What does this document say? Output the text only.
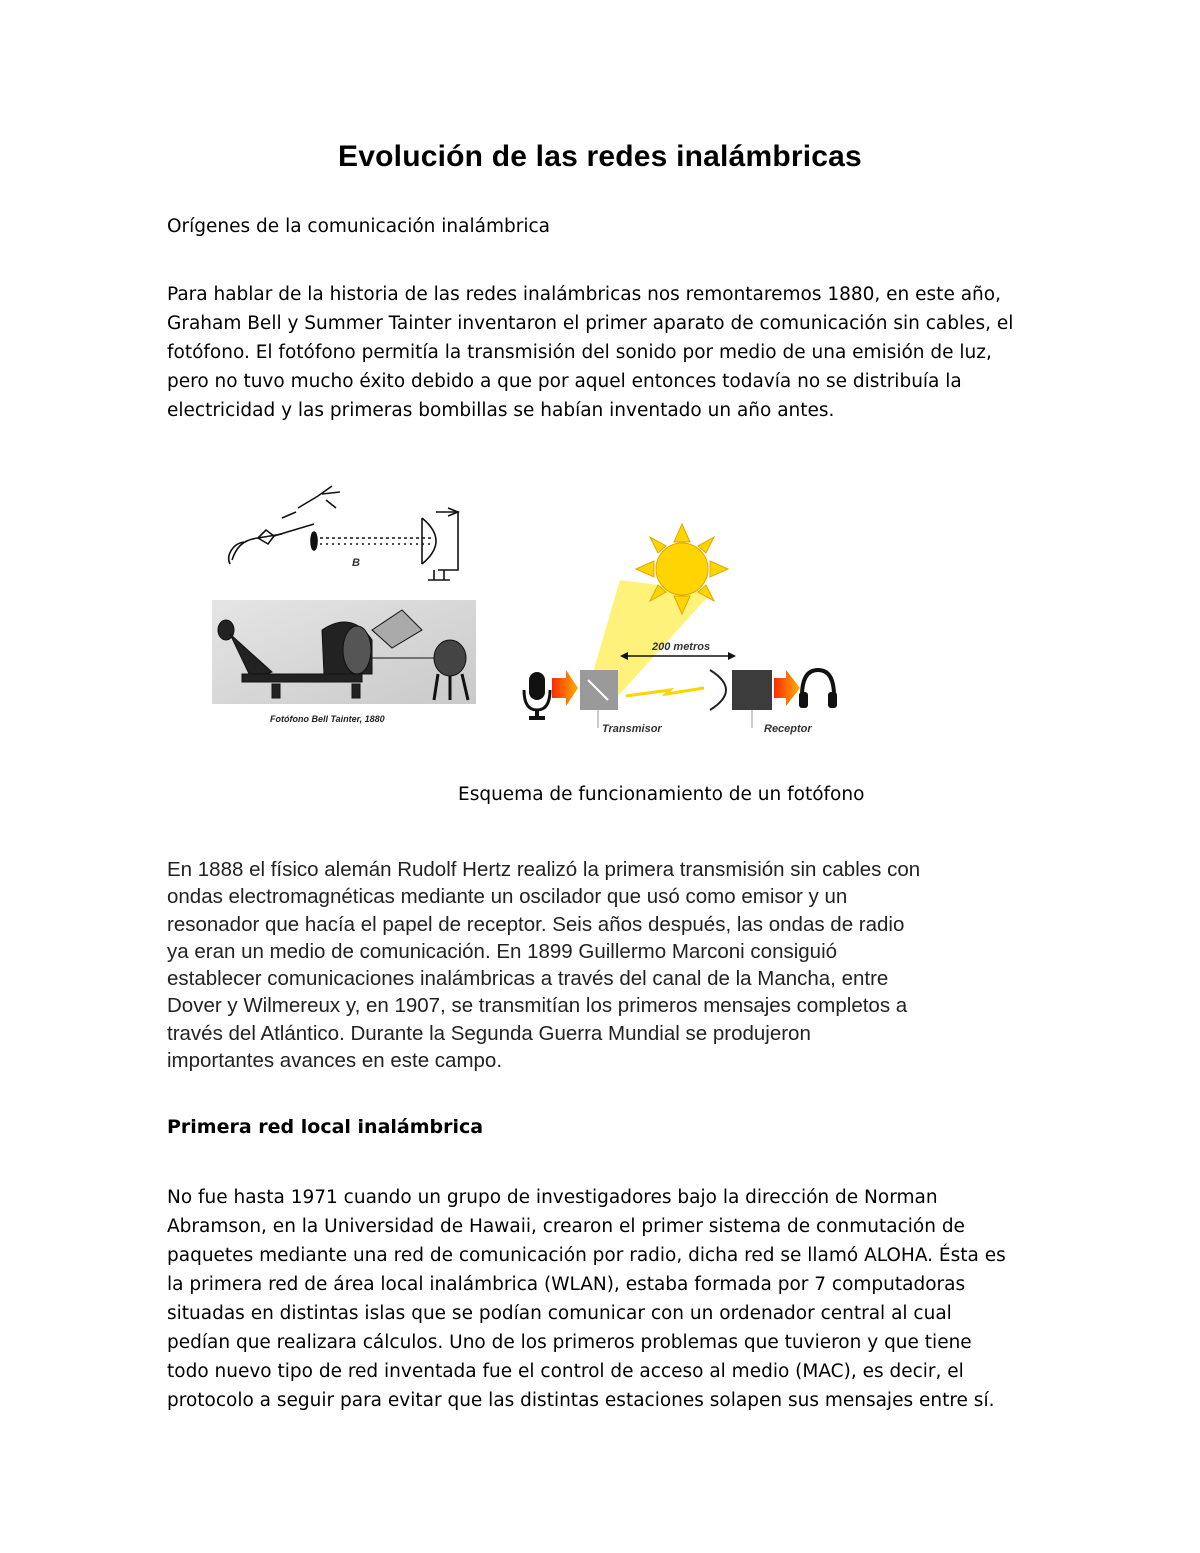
Evolución de las redes inalámbricas
Orígenes de la comunicación inalámbrica
Para hablar de la historia de las redes inalámbricas nos remontaremos 1880, en este año,
Graham Bell y Summer Tainter inventaron el primer aparato de comunicación sin cables, el
fotófono. El fotófono permitía la transmisión del sonido por medio de una emisión de luz,
pero no tuvo mucho éxito debido a que por aquel entonces todavía no se distribuía la
electricidad y las primeras bombillas se habían inventado un año antes.
B
Fotófono Bell Tainter, 1880
Transmisor
200 metros
Receptor
Esquema de funcionamiento de un fotófono
En 1888 el físico alemán Rudolf Hertz realizó la primera transmisión sin cables con
ondas electromagnéticas mediante un oscilador que usó como emisor y un
resonador que hacía el papel de receptor. Seis años después, las ondas de radio
ya eran un medio de comunicación. En 1899 Guillermo Marconi consiguió
establecer comunicaciones inalámbricas a través del canal de la Mancha, entre
Dover y Wilmereux y, en 1907, se transmitían los primeros mensajes completos a
través del Atlántico. Durante la Segunda Guerra Mundial se produjeron
importantes avances en este campo.
Primera red local inalámbrica
No fue hasta 1971 cuando un grupo de investigadores bajo la dirección de Norman
Abramson, en la Universidad de Hawaii, crearon el primer sistema de conmutación de
paquetes mediante una red de comunicación por radio, dicha red se llamó ALOHA. Ésta es
la primera red de área local inalámbrica (WLAN), estaba formada por 7 computadoras
situadas en distintas islas que se podían comunicar con un ordenador central al cual
pedían que realizara cálculos. Uno de los primeros problemas que tuvieron y que tiene
todo nuevo tipo de red inventada fue el control de acceso al medio (MAC), es decir, el
protocolo a seguir para evitar que las distintas estaciones solapen sus mensajes entre sí.
